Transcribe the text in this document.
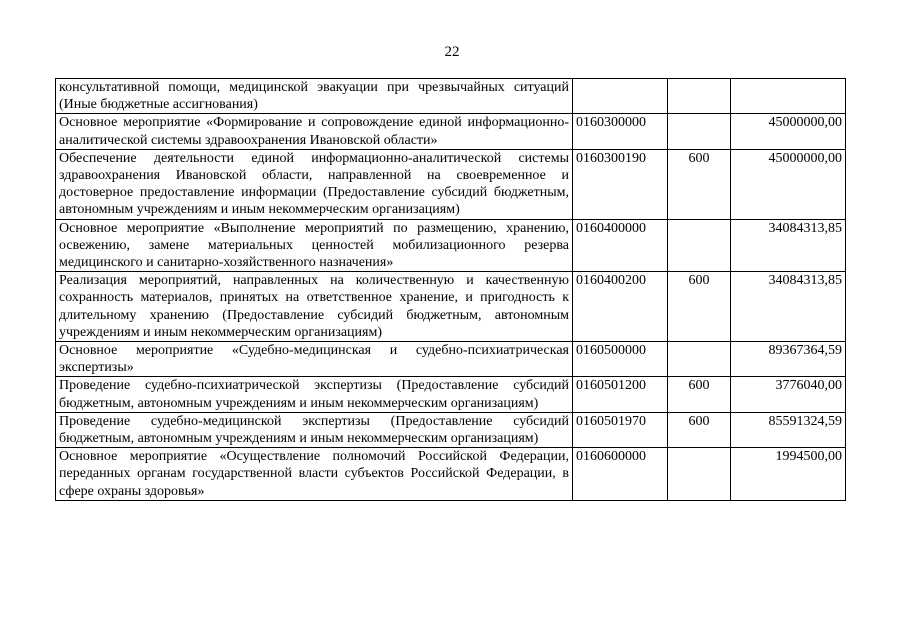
22
консультативной помощи, медицинской эвакуации при чрезвычайных ситуаций (Иные бюджетные ассигнования)			
Основное мероприятие «Формирование и сопровождение единой информационно-аналитической системы здравоохранения Ивановской области»	0160300000		45000000,00
Обеспечение деятельности единой информационно-аналитической системы здравоохранения Ивановской области, направленной на своевременное и достоверное предоставление информации (Предоставление субсидий бюджетным, автономным учреждениям и иным некоммерческим организациям)	0160300190	600	45000000,00
Основное мероприятие «Выполнение мероприятий по размещению, хранению, освежению, замене материальных ценностей мобилизационного резерва медицинского и санитарно-хозяйственного назначения»	0160400000		34084313,85
Реализация мероприятий, направленных на количественную и качественную сохранность материалов, принятых на ответственное хранение, и пригодность к длительному хранению (Предоставление субсидий бюджетным, автономным учреждениям и иным некоммерческим организациям)	0160400200	600	34084313,85
Основное мероприятие «Судебно-медицинская и судебно-психиатрическая экспертизы»	0160500000		89367364,59
Проведение судебно-психиатрической экспертизы (Предоставление субсидий бюджетным, автономным учреждениям и иным некоммерческим организациям)	0160501200	600	3776040,00
Проведение судебно-медицинской экспертизы (Предоставление субсидий бюджетным, автономным учреждениям и иным некоммерческим организациям)	0160501970	600	85591324,59
Основное мероприятие «Осуществление полномочий Российской Федерации, переданных органам государственной власти субъектов Российской Федерации, в сфере охраны здоровья»	0160600000		1994500,00
